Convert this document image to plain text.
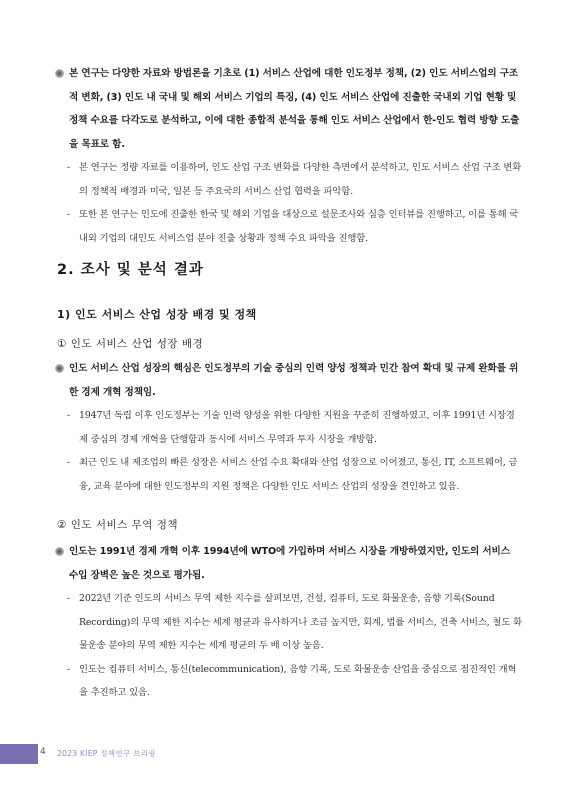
본 연구는 다양한 자료와 방법론을 기초로 (1) 서비스 산업에 대한 인도정부 정책, (2) 인도 서비스업의 구조적 변화, (3) 인도 내 국내 및 해외 서비스 기업의 특징, (4) 인도 서비스 산업에 진출한 국내외 기업 현황 및 정책 수요를 다각도로 분석하고, 이에 대한 종합적 분석을 통해 인도 서비스 산업에서 한-인도 협력 방향 도출을 목표로 함.
- 본 연구는 정량 자료를 이용하여, 인도 산업 구조 변화를 다양한 측면에서 분석하고, 인도 서비스 산업 구조 변화의 정책적 배경과 미국, 일본 등 주요국의 서비스 산업 협력을 파악함.
- 또한 본 연구는 인도에 진출한 한국 및 해외 기업을 대상으로 설문조사와 심층 인터뷰를 진행하고, 이를 통해 국내외 기업의 대인도 서비스업 분야 진출 상황과 정책 수요 파악을 진행함.
2. 조사 및 분석 결과
1) 인도 서비스 산업 성장 배경 및 정책
① 인도 서비스 산업 성장 배경
인도 서비스 산업 성장의 핵심은 인도정부의 기술 중심의 인력 양성 정책과 민간 참여 확대 및 규제 완화를 위한 경제 개혁 정책임.
- 1947년 독립 이후 인도정부는 기술 인력 양성을 위한 다양한 지원을 꾸준히 진행하였고, 이후 1991년 시장경제 중심의 경제 개혁을 단행함과 동시에 서비스 무역과 투자 시장을 개방함.
- 최근 인도 내 제조업의 빠른 성장은 서비스 산업 수요 확대와 산업 성장으로 이어졌고, 통신, IT, 소프트웨어, 금융, 교육 분야에 대한 인도정부의 지원 정책은 다양한 인도 서비스 산업의 성장을 견인하고 있음.
② 인도 서비스 무역 정책
인도는 1991년 경제 개혁 이후 1994년에 WTO에 가입하며 서비스 시장을 개방하였지만, 인도의 서비스 수입 장벽은 높은 것으로 평가됨.
- 2022년 기준 인도의 서비스 무역 제한 지수를 살펴보면, 건설, 컴퓨터, 도로 화물운송, 음향 기록(Sound Recording)의 무역 제한 지수는 세계 평균과 유사하거나 조금 높지만, 회계, 법률 서비스, 건축 서비스, 철도 화물운송 분야의 무역 제한 지수는 세계 평균의 두 배 이상 높음.
- 인도는 컴퓨터 서비스, 통신(telecommunication), 음향 기록, 도로 화물운송 산업을 중심으로 점진적인 개혁을 추진하고 있음.
4 2023 KIEP 정책연구 브리핑
